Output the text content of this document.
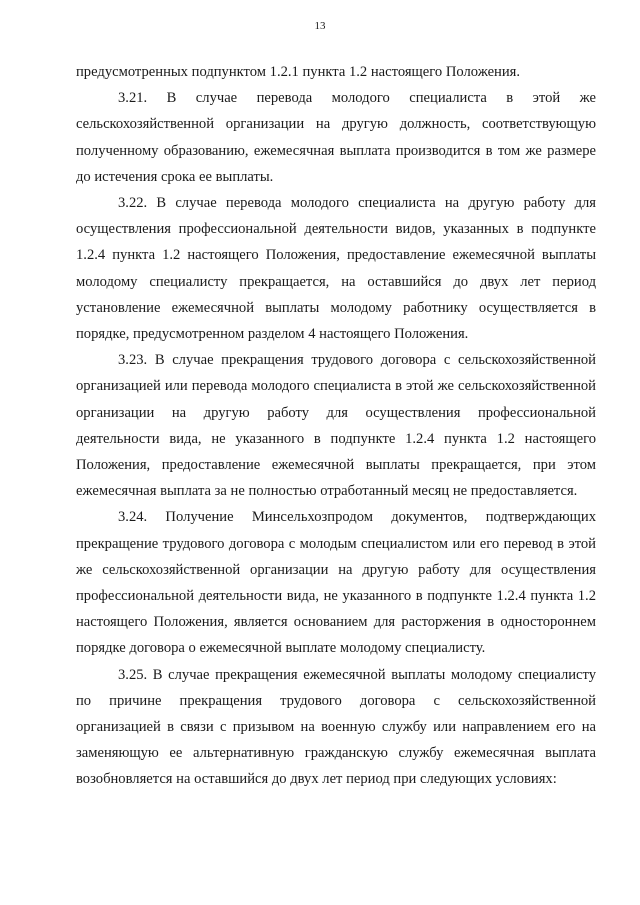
13

предусмотренных подпунктом 1.2.1 пункта 1.2 настоящего Положения.

3.21. В случае перевода молодого специалиста в этой же сельскохозяйственной организации на другую должность, соответствующую полученному образованию, ежемесячная выплата производится в том же размере до истечения срока ее выплаты.

3.22. В случае перевода молодого специалиста на другую работу для осуществления профессиональной деятельности видов, указанных в подпункте 1.2.4 пункта 1.2 настоящего Положения, предоставление ежемесячной выплаты молодому специалисту прекращается, на оставшийся до двух лет период установление ежемесячной выплаты молодому работнику осуществляется в порядке, предусмотренном разделом 4 настоящего Положения.

3.23. В случае прекращения трудового договора с сельскохозяйственной организацией или перевода молодого специалиста в этой же сельскохозяйственной организации на другую работу для осуществления профессиональной деятельности вида, не указанного в подпункте 1.2.4 пункта 1.2 настоящего Положения, предоставление ежемесячной выплаты прекращается, при этом ежемесячная выплата за не полностью отработанный месяц не предоставляется.

3.24. Получение Минсельхозпродом документов, подтверждающих прекращение трудового договора с молодым специалистом или его перевод в этой же сельскохозяйственной организации на другую работу для осуществления профессиональной деятельности вида, не указанного в подпункте 1.2.4 пункта 1.2 настоящего Положения, является основанием для расторжения в одностороннем порядке договора о ежемесячной выплате молодому специалисту.

3.25. В случае прекращения ежемесячной выплаты молодому специалисту по причине прекращения трудового договора с сельскохозяйственной организацией в связи с призывом на военную службу или направлением его на заменяющую ее альтернативную гражданскую службу ежемесячная выплата возобновляется на оставшийся до двух лет период при следующих условиях:
